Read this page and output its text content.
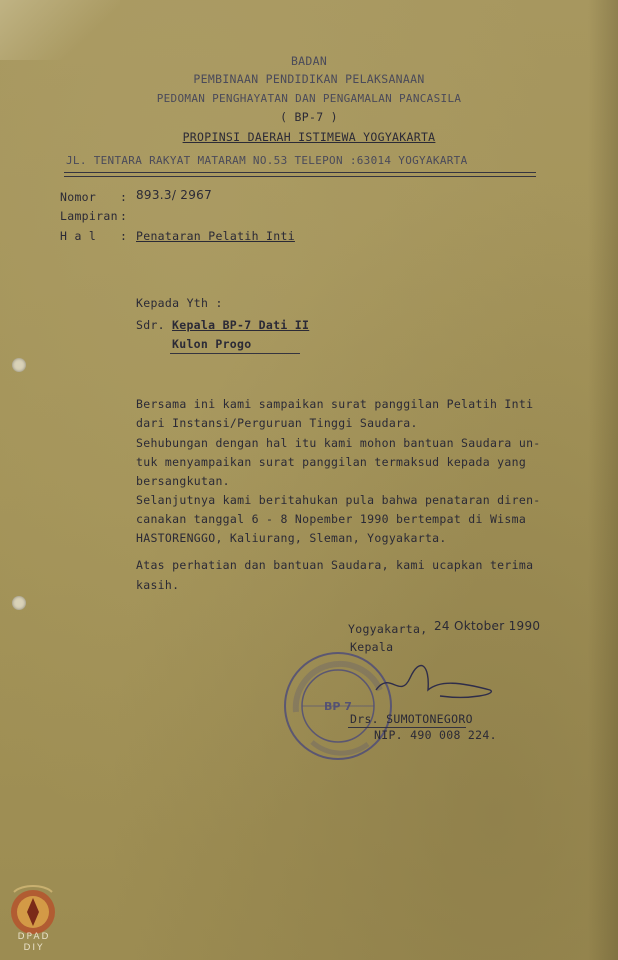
BADAN
PEMBINAAN PENDIDIKAN PELAKSANAAN
PEDOMAN PENGHAYATAN DAN PENGAMALAN PANCASILA
( BP-7 )
PROPINSI DAERAH ISTIMEWA YOGYAKARTA
JL. TENTARA RAKYAT MATARAM NO.53 TELEPON :63014 YOGYAKARTA
Nomor : 893.3/ 2967
Lampiran :
H a l : Penataran Pelatih Inti
Kepada Yth :
Sdr. Kepala BP-7 Dati II
Kulon Progo
Bersama ini kami sampaikan surat panggilan Pelatih Inti
dari Instansi/Perguruan Tinggi Saudara.
Sehubungan dengan hal itu kami mohon bantuan Saudara un-
tuk menyampaikan surat panggilan termaksud kepada yang
bersangkutan.
Selanjutnya kami beritahukan pula bahwa penataran diren-
canakan tanggal 6 - 8 Nopember 1990 bertempat di Wisma
HASTORENGGO, Kaliurang, Sleman, Yogyakarta.
Atas perhatian dan bantuan Saudara, kami ucapkan terima
kasih.
Yogyakarta, 24 Oktober 1990
Kepala
BP 7
Drs. SUMOTONEGORO
NIP. 490 008 224.
DPAD DIY
